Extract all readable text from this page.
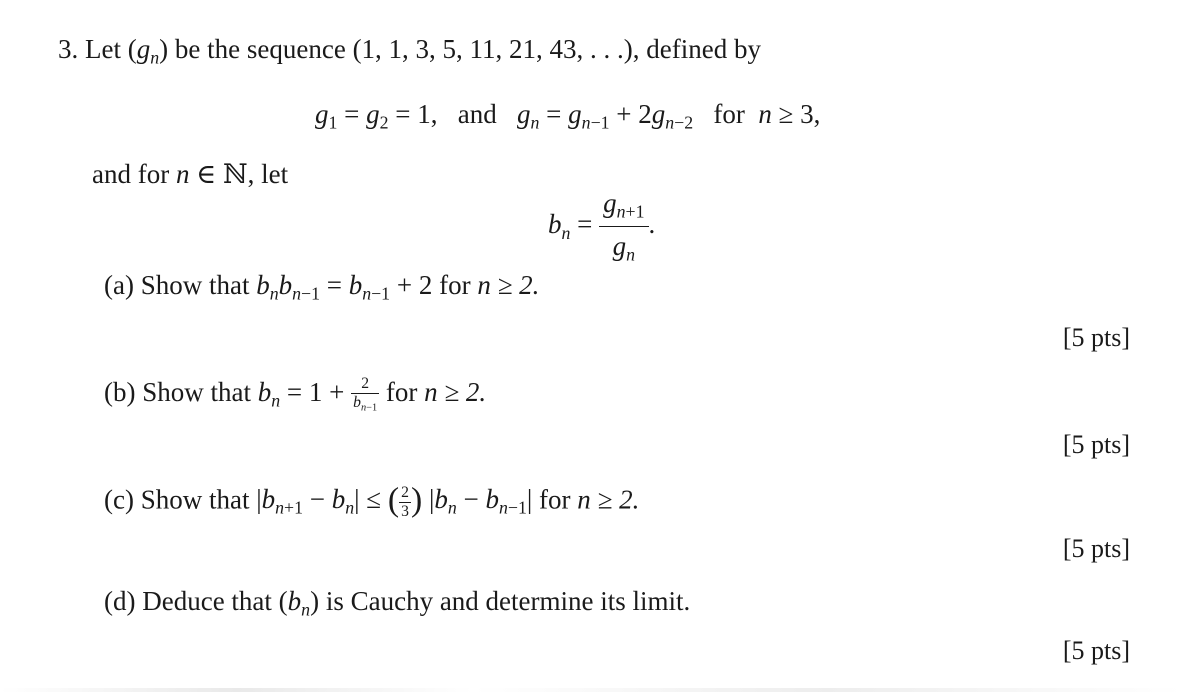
3. Let $(g_n)$ be the sequence (1, 1, 3, 5, 11, 21, 43, . . .), defined by
$g_1 = g_2 = 1$,   and $g_n = g_{n-1} + 2g_{n-2}$ for n ≥ 3,
and for n ∈ ℕ, let
$b_n = \frac{g_{n+1}}{g_n}$ .
(a) Show that $b_nb_{n-1} = b_{n-1} + 2$ for n ≥ 2.
[5 pts]
(b) Show that $b_n = 1 + \frac{2}{b_{n-1}}$ for n ≥ 2.
[5 pts]
(c) Show that $|b_{n+1} - b_n|$ ≤ ( $\frac{2}{3}$ ) $|b_n - b_{n-1}|$ for n ≥ 2.
[5 pts]
(d) Deduce that $(b_n)$ is Cauchy and determine its limit.
[5 pts]
